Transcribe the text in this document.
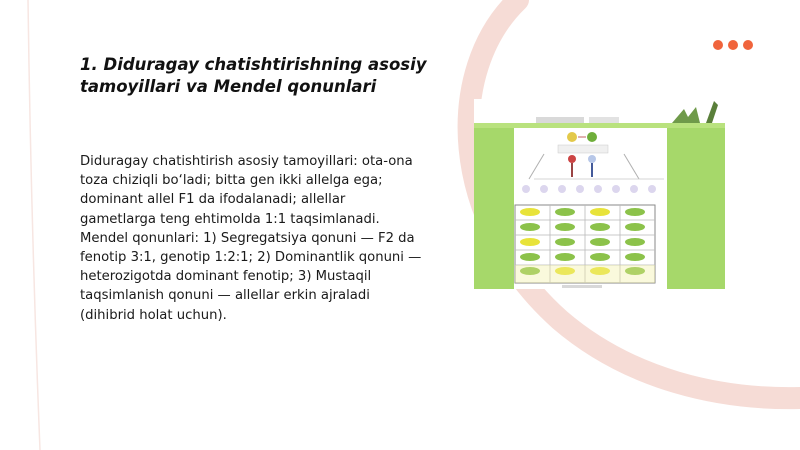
1. Diduragay chatishtirishning asosiy tamoyillari va Mendel qonunlari

Diduragay chatishtirish asosiy tamoyillari: ota-ona toza chiziqli bo‘ladi; bitta gen ikki allelga ega; dominant allel F1 da ifodalanadi; allellar gametlarga teng ehtimolda 1:1 taqsimlanadi. Mendel qonunlari: 1) Segregatsiya qonuni — F2 da fenotip 3:1, genotip 1:2:1; 2) Dominantlik qonuni — heterozigotda dominant fenotip; 3) Mustaqil taqsimlanish qonuni — allellar erkin ajraladi (dihibrid holat uchun).
